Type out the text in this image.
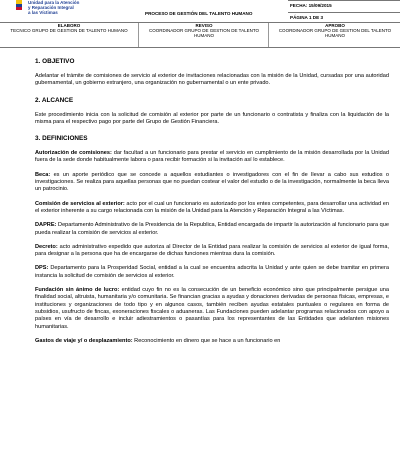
Unidad para la Atención
y Reparación Integral
a las Víctimas	PROCESO DE GESTIÓN DEL TALENTO HUMANO
FECHA: 15/09/2015
PÁGINA 1 DE 3
ELABORO
TECNICO GRUPO DE GESTION DE TALENTO HUMANO
REVISO
COORDINADOR GRUPO DE GESTION DE TALENTO HUMANO
APROBO
COORDINADOR GRUPO DE GESTION DEL TALENTO HUMANO

1. OBJETIVO

Adelantar el trámite de comisiones de servicio al exterior de invitaciones relacionadas con la misión de la Unidad, cursadas por una autoridad gubernamental, un gobierno extranjero, una organización no gubernamental o un ente privado.

2. ALCANCE

Este procedimiento inicia con la solicitud de comisión al exterior por parte de un funcionario o contratista y finaliza con la liquidación de la misma para el respectivo pago por parte del Grupo de Gestión Financiera.

3. DEFINICIONES

Autorización de comisiones: dar facultad a un funcionario para prestar el servicio en cumplimiento de la misión desarrollada por la Unidad fuera de la sede donde habitualmente labora o para recibir formación si la invitación así lo establece.

Beca: es un aporte periódico que se concede a aquellos estudiantes o investigadores con el fin de llevar a cabo sus estudios o investigaciones. Se realiza para aquellas personas que no puedan costear el valor del estudio o de la investigación, normalmente la beca lleva un patrocinio.

Comisión de servicios al exterior: acto por el cual un funcionario es autorizado por los entes competentes, para desarrollar una actividad en el exterior inherente a su cargo relacionada con la misión de la Unidad para la Atención y Reparación Integral a las Víctimas.

DAPRE: Departamento Administrativo de la Presidencia de la Republica, Entidad encargada de impartir la autorización al funcionario para que pueda realizar la comisión de servicios al exterior.

Decreto: acto administrativo expedido que autoriza al Director de la Entidad para realizar la comisión de servicios al exterior de igual forma, para designar a la persona que ha de encargarse de dichas funciones mientras dura la comisión.

DPS: Departamento para la Prosperidad Social, entidad a la cual se encuentra adscrita la Unidad y ante quien se debe tramitar en primera instancia la solicitud de comisión de servicios al exterior.

Fundación sin ánimo de lucro: entidad cuyo fin no es la consecución de un beneficio económico sino que principalmente persigue una finalidad social, altruista, humanitaria y/o comunitaria. Se financian gracias a ayudas y donaciones derivadas de personas físicas, empresas, e instituciones y organizaciones de todo tipo y en algunos casos, también reciben ayudas estatales puntuales o regulares en forma de subsidios, usufructo de fincas, exoneraciones fiscales o aduaneras. Las Fundaciones pueden adelantar programas relacionados con apoyo a países en vía de desarrollo e incluir adiestramientos o pasantías para los representantes de las Entidades que adelanten misiones humanitarias.

Gastos de viaje y/ o desplazamiento: Reconocimiento en dinero que se hace a un funcionario en
